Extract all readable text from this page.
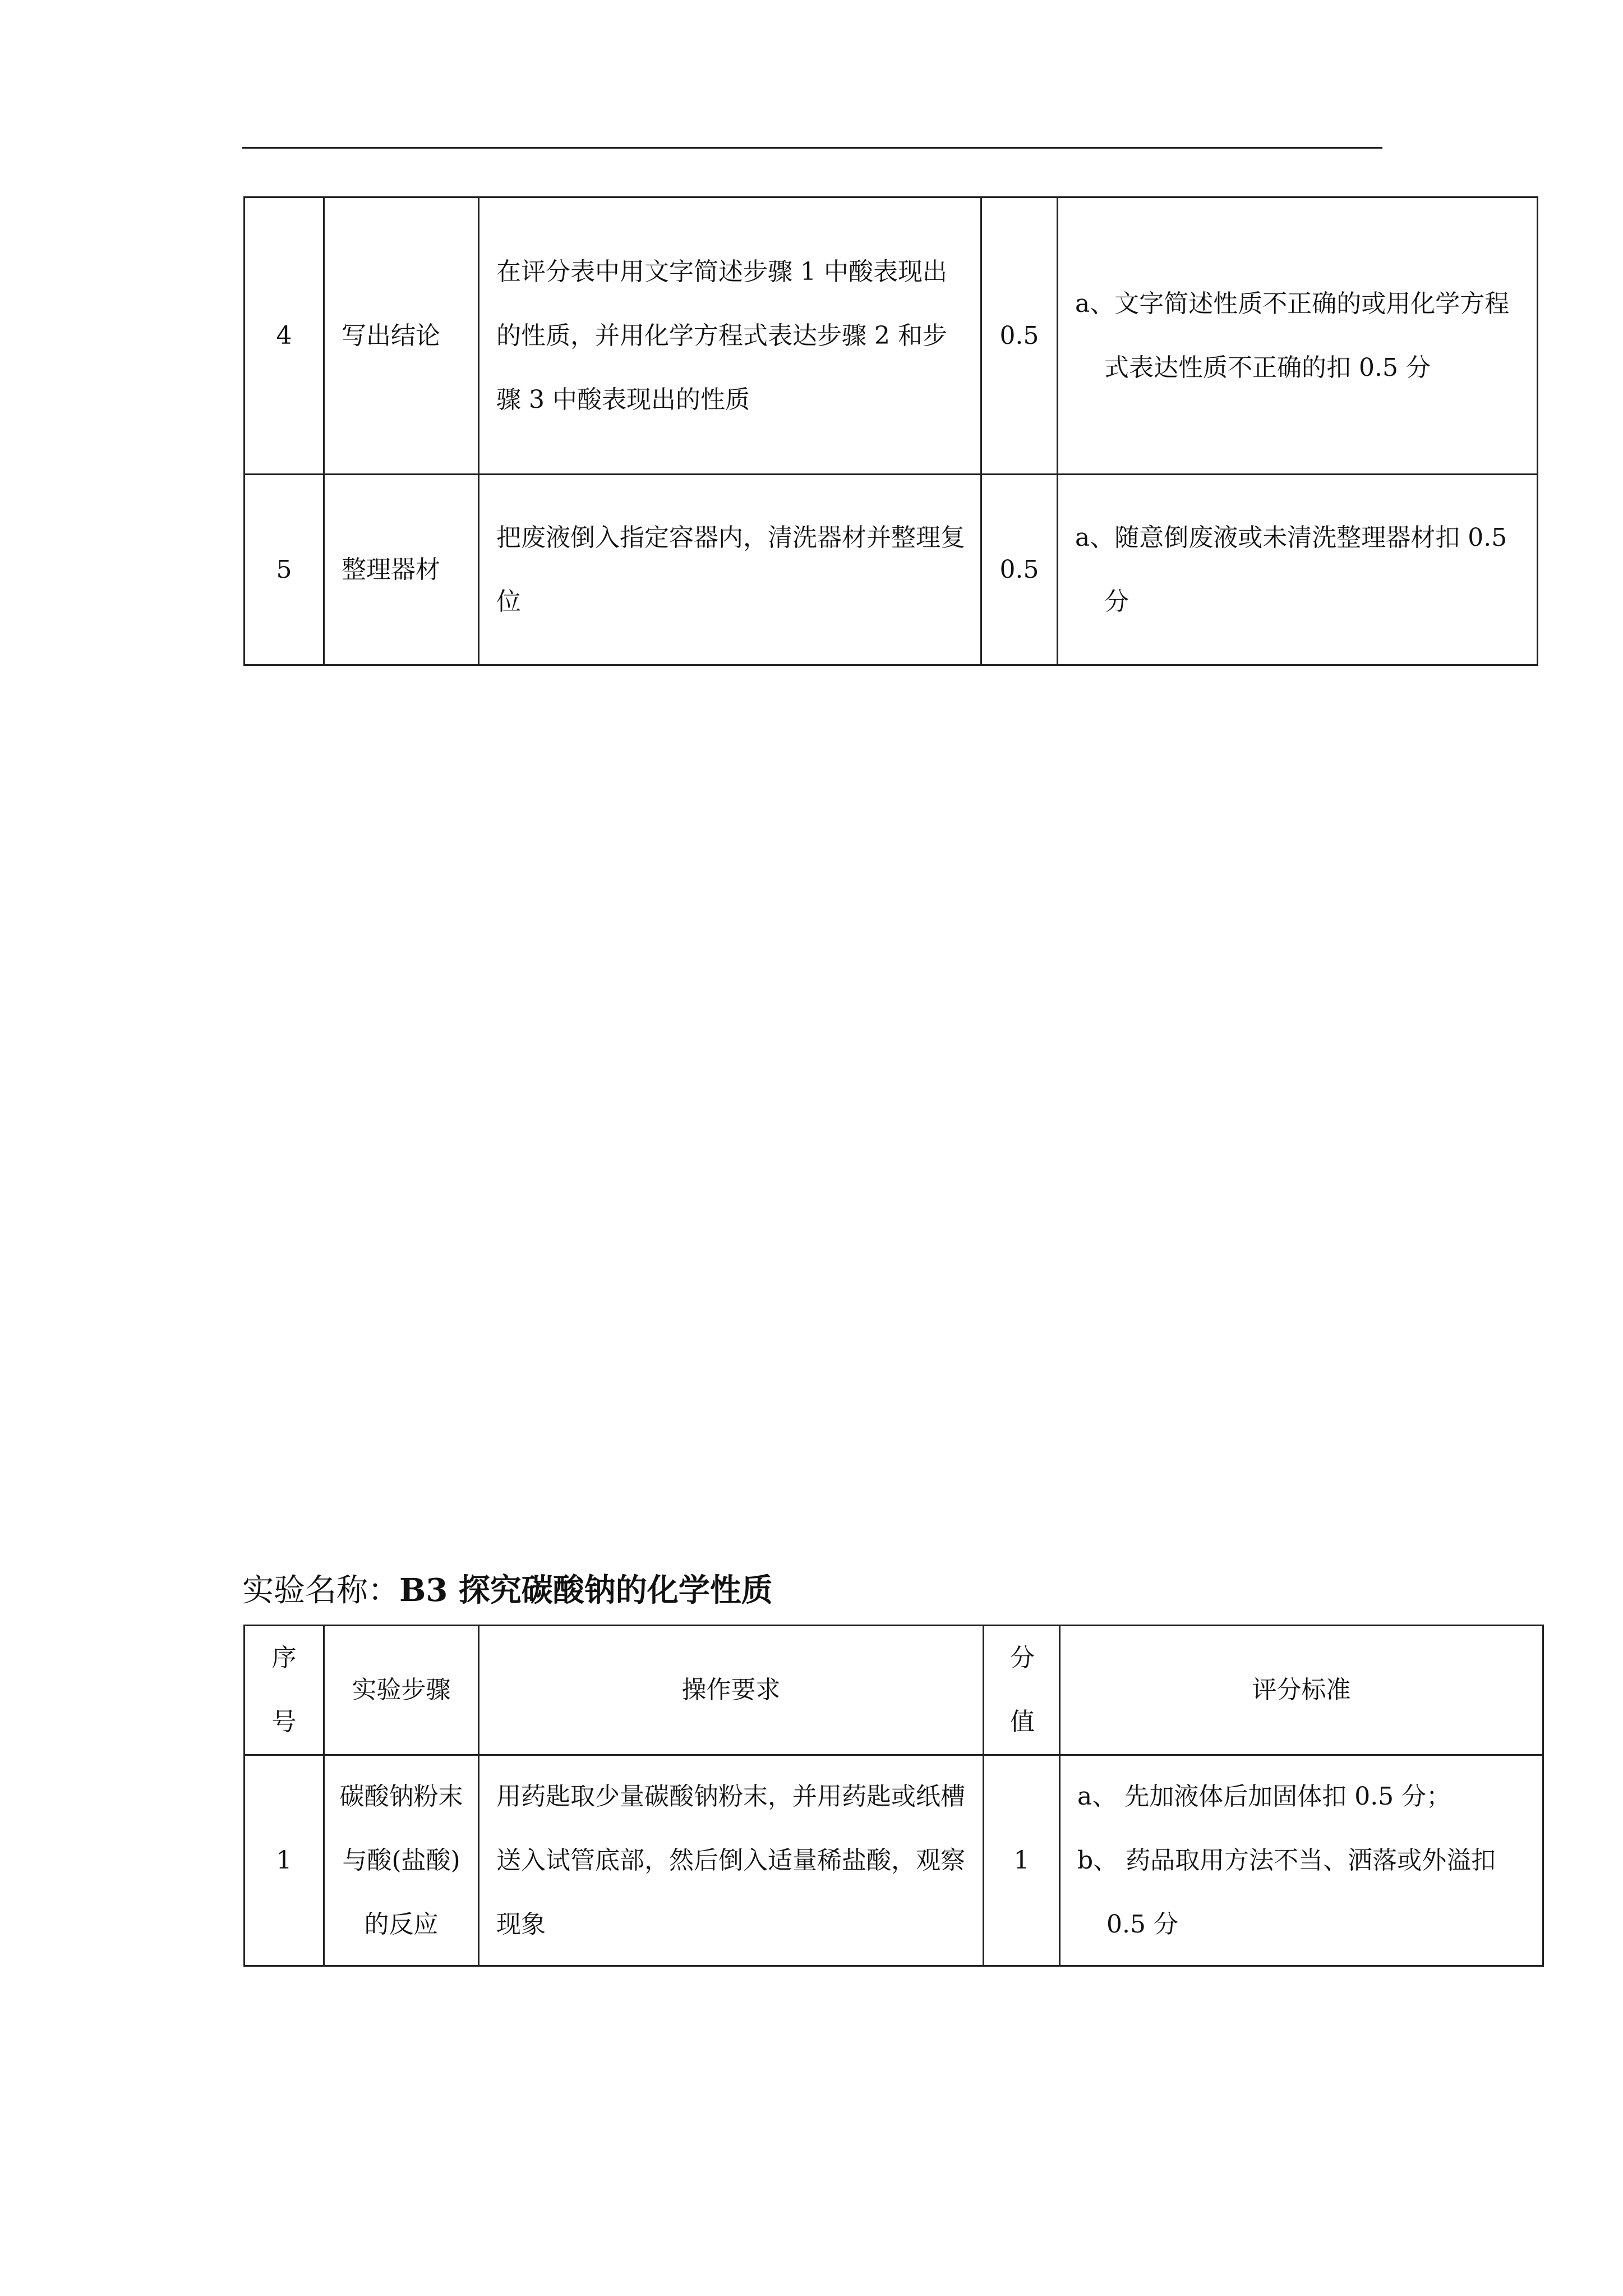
4	写出结论	在评分表中用文字简述步骤 1 中酸表现出的性质，并用化学方程式表达步骤 2 和步骤 3 中酸表现出的性质	0.5	a、文字简述性质不正确的或用化学方程式表达性质不正确的扣 0.5 分

5	整理器材	把废液倒入指定容器内，清洗器材并整理复位	0.5	a、随意倒废液或未清洗整理器材扣 0.5 分
实验名称：B3 探究碳酸钠的化学性质
序号	实验步骤	操作要求	分值	评分标准
1	碳酸钠粉末与酸(盐酸)的反应	用药匙取少量碳酸钠粉末，并用药匙或纸槽送入试管底部，然后倒入适量稀盐酸，观察现象	1	a、 先加液体后加固体扣 0.5 分；
b、 药品取用方法不当、洒落或外溢扣 0.5 分
